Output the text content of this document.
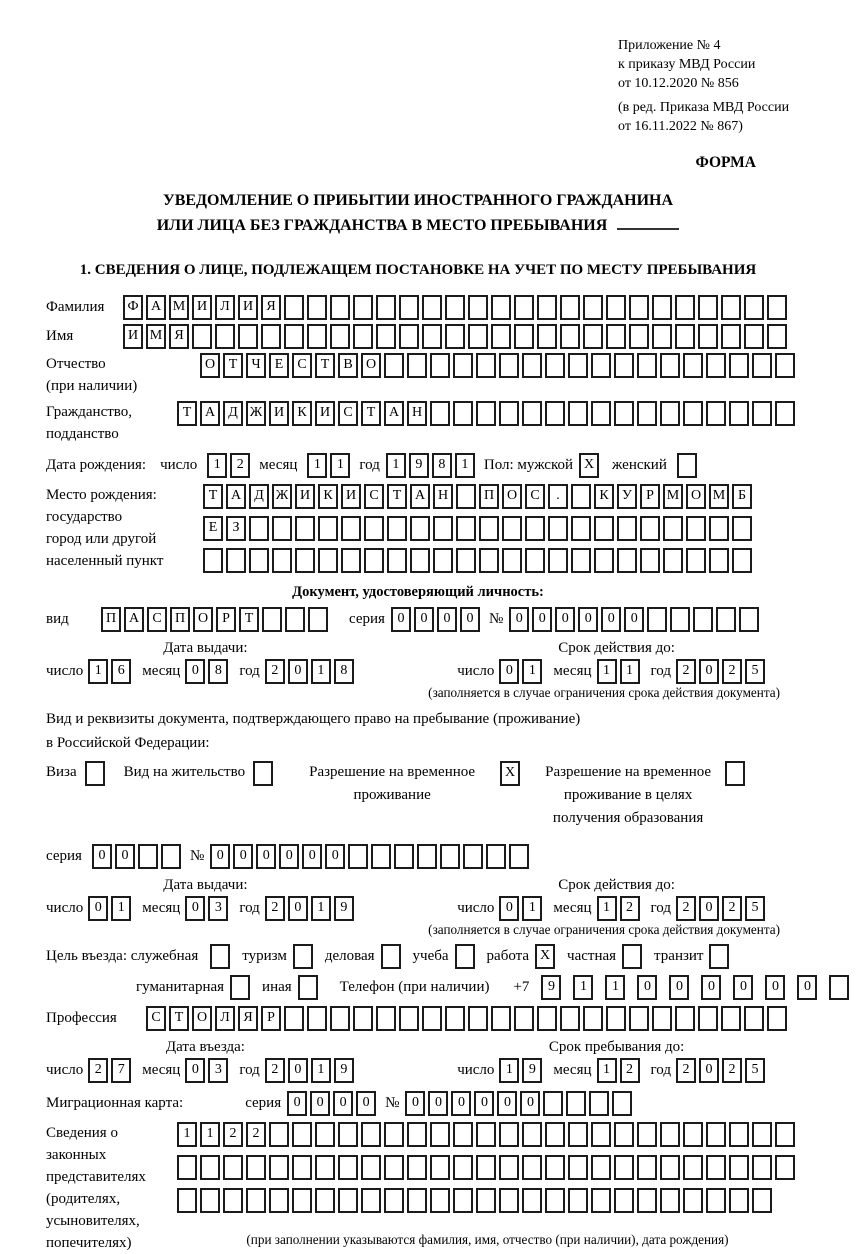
Приложение № 4

к приказу МВД России

от 10.12.2020 № 856

(в ред. Приказа МВД России

от 16.11.2022 № 867)

ФОРМА
УВЕДОМЛЕНИЕ О ПРИБЫТИИ ИНОСТРАННОГО ГРАЖДАНИНА
ИЛИ ЛИЦА БЕЗ ГРАЖДАНСТВА В МЕСТО ПРЕБЫВАНИЯ
1. СВЕДЕНИЯ О ЛИЦЕ, ПОДЛЕЖАЩЕМ ПОСТАНОВКЕ НА УЧЕТ ПО МЕСТУ ПРЕБЫВАНИЯ
Фамилия	Ф А М И Л И Я
Имя	И М Я
Отчество
(при наличии)
О Т	Ч	Е	С	Т	В О
Гражданство,
подданство
Т А Д Ж И К И С	Т А Н
Дата рождения: число	1	2	месяц	1	1	год 1	9	8	1	Пол: мужской X	женский
Место рождения:
государство
город или другой
населенный пункт
Т А Д Ж И К И С	Т А Н	П О С	.	К У	Р М О М Б

Е	З

Документ, удостоверяющий личность:
вид	П А С П О	Р	Т	серия 0	0	0	0	№ 0	0	0	0	0	0
Дата выдачи:
число 1	6	месяц 0	8	год 2	0	1	8
Срок действия до:
число 0	1	месяц 1	1	год 2	0	2	5
(заполняется в случае ограничения срока действия документа)
Вид и реквизиты документа, подтверждающего право на пребывание (проживание)
в Российской Федерации:
Виза	Вид на жительство	Разрешение на временное проживание
X	Разрешение на временное проживание в целях получения образования
серия	0	0	№ 0	0	0	0	0	0
Дата выдачи:
число 0	1	месяц 0	3	год 2	0	1	9
Срок действия до:
число 0	1	месяц 1	2	год 2	0	2	5
(заполняется в случае ограничения срока действия документа)
Цель въезда: служебная	туризм	деловая	учеба	работа X	частная	транзит
гуманитарная	иная	Телефон (при наличии) +7	9	1	1	0	0	0	0	0	0
Профессия	С	Т О Л Я	Р
Дата въезда:
число 2	7	месяц 0	3	год 2	0	1	9
Срок пребывания до:
число 1	9	месяц 1	2	год 2	0	2	5
Миграционная карта:	серия 0	0	0	0	№ 0	0	0	0	0	0
Сведения о
законных
представителях
(родителях,
усыновителях,
попечителях)
1	1	2	2

(при заполнении указываются фамилия, имя, отчество (при наличии), дата рождения)
